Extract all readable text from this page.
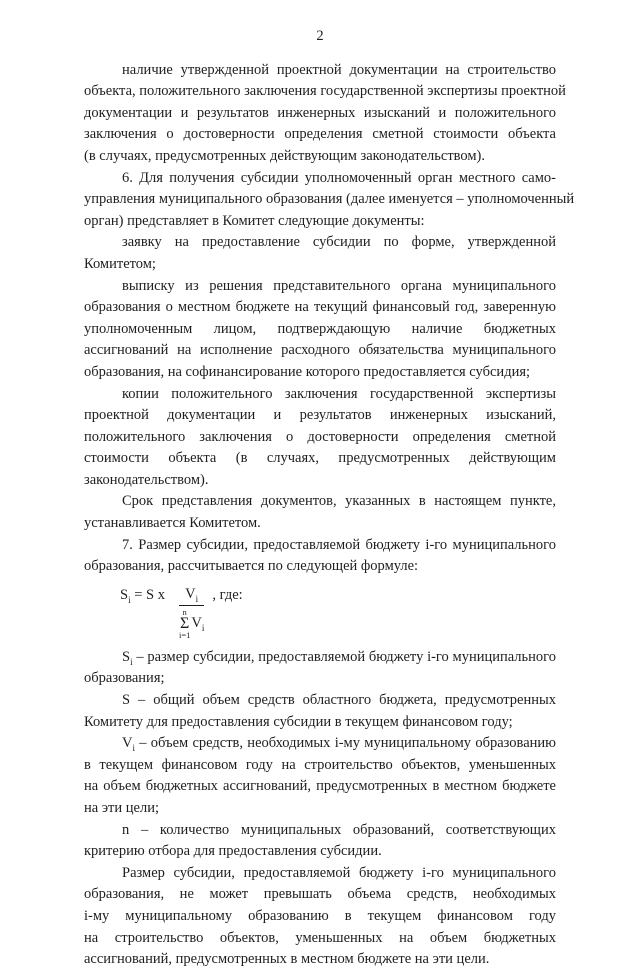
2
наличие утвержденной проектной документации на строительство
объекта, положительного заключения государственной экспертизы проектной
документации и результатов инженерных изысканий и положительного
заключения о достоверности определения сметной стоимости объекта
(в случаях, предусмотренных действующим законодательством).
6. Для получения субсидии уполномоченный орган местного само-
управления муниципального образования (далее именуется – уполномоченный
орган) представляет в Комитет следующие документы:
заявку на предоставление субсидии по форме, утвержденной
Комитетом;
выписку из решения представительного органа муниципального
образования о местном бюджете на текущий финансовый год, заверенную
уполномоченным лицом, подтверждающую наличие бюджетных
ассигнований на исполнение расходного обязательства муниципального
образования, на софинансирование которого предоставляется субсидия;
копии положительного заключения государственной экспертизы
проектной документации и результатов инженерных изысканий,
положительного заключения о достоверности определения сметной
стоимости объекта (в случаях, предусмотренных действующим
законодательством).
Срок представления документов, указанных в настоящем пункте,
устанавливается Комитетом.
7. Размер субсидии, предоставляемой бюджету i-го муниципального
образования, рассчитывается по следующей формуле:
$S_i = S$ x $V_i$
n
Σ
i=1
$V_i$ , где:
$S_i$ – размер субсидии, предоставляемой бюджету i-го муниципального
образования;
S – общий объем средств областного бюджета, предусмотренных
Комитету для предоставления субсидии в текущем финансовом году;
$V_i$ – объем средств, необходимых i-му муниципальному образованию
в текущем финансовом году на строительство объектов, уменьшенных
на объем бюджетных ассигнований, предусмотренных в местном бюджете
на эти цели;
n – количество муниципальных образований, соответствующих
критерию отбора для предоставления субсидии.
Размер субсидии, предоставляемой бюджету i-го муниципального
образования, не может превышать объема средств, необходимых
i-му муниципальному образованию в текущем финансовом году
на строительство объектов, уменьшенных на объем бюджетных
ассигнований, предусмотренных в местном бюджете на эти цели.
